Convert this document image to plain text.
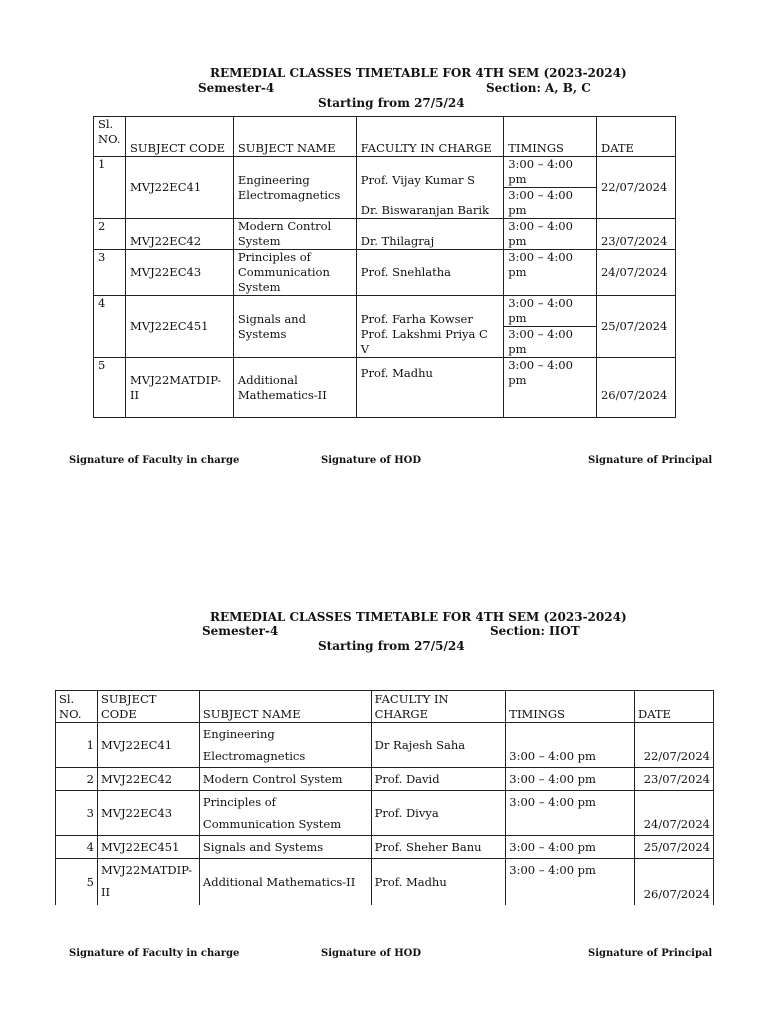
REMEDIAL CLASSES TIMETABLE FOR 4TH SEM (2023-2024)
Semester-4	Section: A, B, C
Starting from 27/5/24
Sl. NO.	SUBJECT CODE	SUBJECT NAME	FACULTY IN CHARGE	TIMINGS	DATE
1	MVJ22EC41	Engineering Electromagnetics	Prof. Vijay Kumar S	3:00 – 4:00 pm	22/07/2024
			Dr. Biswaranjan Barik	3:00 – 4:00 pm	
2	MVJ22EC42	Modern Control System	Dr. Thilagraj	3:00 – 4:00 pm	23/07/2024
3	MVJ22EC43	Principles of Communication System	Prof. Snehlatha	3:00 – 4:00 pm	24/07/2024
4	MVJ22EC451	Signals and Systems	Prof. Farha Kowser	3:00 – 4:00 pm	25/07/2024
			Prof. Lakshmi Priya C V	3:00 – 4:00 pm	
5	MVJ22MATDIP-II	Additional Mathematics-II	Prof. Madhu	3:00 – 4:00 pm	26/07/2024
Signature of Faculty in charge	Signature of HOD	Signature of Principal
REMEDIAL CLASSES TIMETABLE FOR 4TH SEM (2023-2024)
Semester-4	Section: IIOT
Starting from 27/5/24
Sl. NO.	SUBJECT CODE	SUBJECT NAME	FACULTY IN CHARGE	TIMINGS	DATE
1	MVJ22EC41	Engineering Electromagnetics	Dr Rajesh Saha	3:00 – 4:00 pm	22/07/2024
2	MVJ22EC42	Modern Control System	Prof. David	3:00 – 4:00 pm	23/07/2024
3	MVJ22EC43	Principles of Communication System	Prof. Divya	3:00 – 4:00 pm	24/07/2024
4	MVJ22EC451	Signals and Systems	Prof. Sheher Banu	3:00 – 4:00 pm	25/07/2024
5	MVJ22MATDIP-II	Additional Mathematics-II	Prof. Madhu	3:00 – 4:00 pm	26/07/2024
Signature of Faculty in charge	Signature of HOD	Signature of Principal
